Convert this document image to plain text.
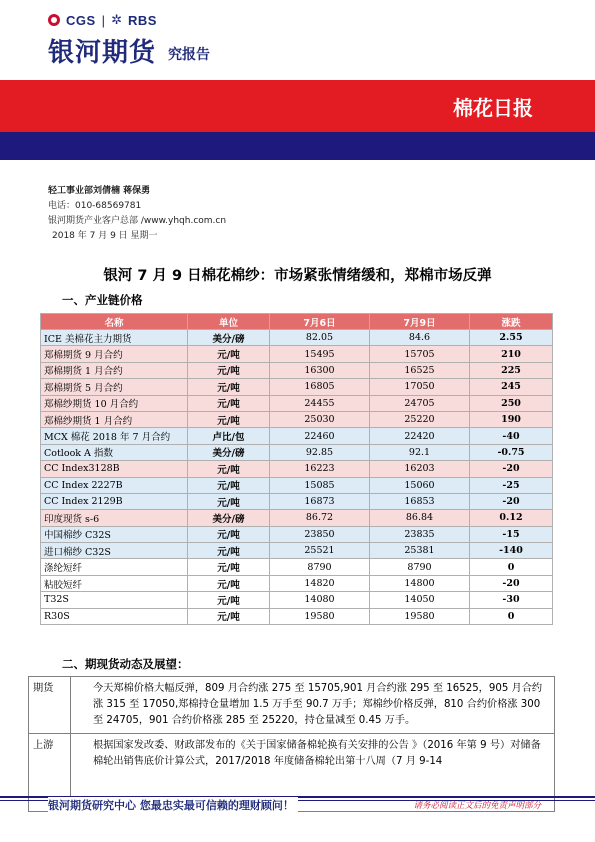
CGS | ✲ RBS
银河期货 究报告
棉花日报
轻工事业部刘倩楠 蒋保勇
电话：010-68569781
银河期货产业客户总部 /www.yhqh.com.cn
2018 年 7 月 9 日 星期一
银河 7 月 9 日棉花棉纱：市场紧张情绪缓和，郑棉市场反弹
一、产业链价格
名称	单位	7月6日	7月9日	涨跌
ICE 美棉花主力期货	美分/磅	82.05	84.6	2.55
郑棉期货 9 月合约	元/吨	15495	15705	210
郑棉期货 1 月合约	元/吨	16300	16525	225
郑棉期货 5 月合约	元/吨	16805	17050	245
郑棉纱期货 10 月合约	元/吨	24455	24705	250
郑棉纱期货 1 月合约	元/吨	25030	25220	190
MCX 棉花 2018 年 7 月合约	卢比/包	22460	22420	-40
Cotlook A 指数	美分/磅	92.85	92.1	-0.75
CC Index3128B	元/吨	16223	16203	-20
CC Index 2227B	元/吨	15085	15060	-25
CC Index 2129B	元/吨	16873	16853	-20
印度现货 s-6	美分/磅	86.72	86.84	0.12
中国棉纱 C32S	元/吨	23850	23835	-15
进口棉纱 C32S	元/吨	25521	25381	-140
涤纶短纤	元/吨	8790	8790	0
粘胶短纤	元/吨	14820	14800	-20
T32S	元/吨	14080	14050	-30
R30S	元/吨	19580	19580	0
二、期现货动态及展望：
期货	今天郑棉价格大幅反弹，809 月合约涨 275 至 15705,901 月合约涨 295 至 16525，905 月合约涨 315 至 17050,郑棉持仓量增加 1.5 万手至 90.7 万手；郑棉纱价格反弹，810 合约价格涨 300 至 24705，901 合约价格涨 285 至 25220，持仓量减至 0.45 万手。
上游	根据国家发改委、财政部发布的《关于国家储备棉轮换有关安排的公告 》（2016 年第 9 号）对储备棉轮出销售底价计算公式，2017/2018 年度储备棉轮出第十八周（7 月 9-14
银河期货研究中心 您最忠实最可信赖的理财顾问！	请务必阅读正文后的免责声明部分
